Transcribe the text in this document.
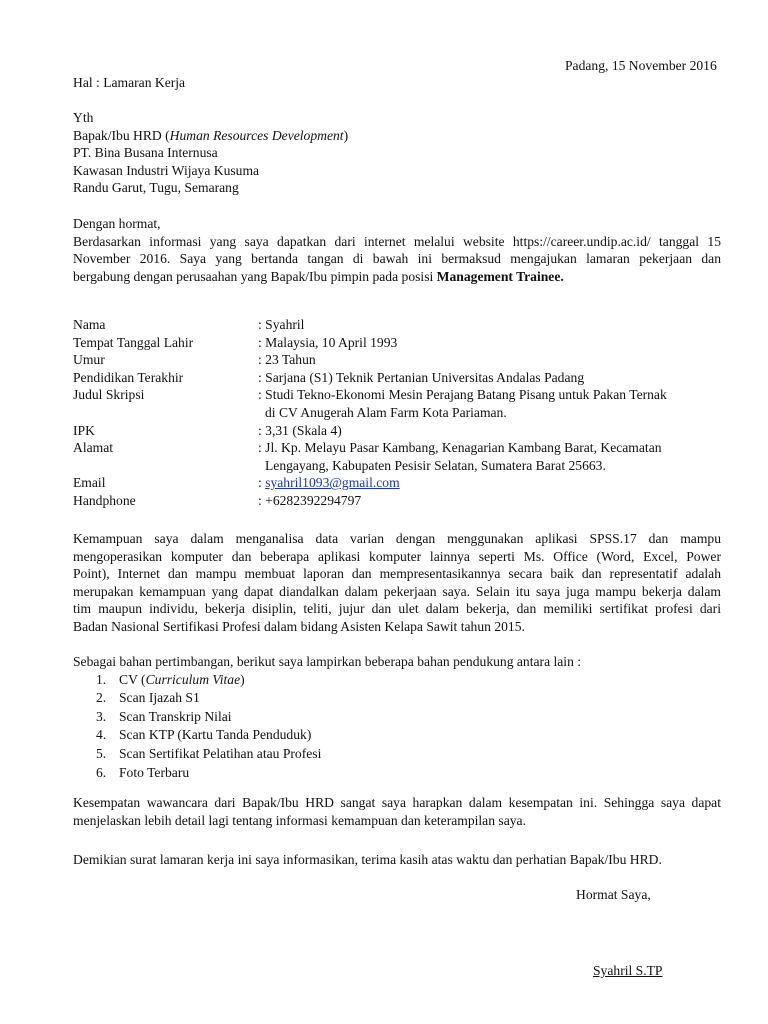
Padang, 15 November 2016
Hal : Lamaran Kerja
Yth
Bapak/Ibu HRD (Human Resources Development)
PT. Bina Busana Internusa
Kawasan Industri Wijaya Kusuma
Randu Garut, Tugu, Semarang
Dengan hormat,
Berdasarkan informasi yang saya dapatkan dari internet melalui website https://career.undip.ac.id/ tanggal 15
November 2016. Saya yang bertanda tangan di bawah ini bermaksud mengajukan lamaran pekerjaan dan
bergabung dengan perusaahan yang Bapak/Ibu pimpin pada posisi Management Trainee.
Nama	: Syahril
Tempat Tanggal Lahir	: Malaysia, 10 April 1993
Umur	: 23 Tahun
Pendidikan Terakhir	: Sarjana (S1) Teknik Pertanian Universitas Andalas Padang
Judul Skripsi	: Studi Tekno-Ekonomi Mesin Perajang Batang Pisang untuk Pakan Ternak
di CV Anugerah Alam Farm Kota Pariaman.
IPK	: 3,31 (Skala 4)
Alamat	: Jl. Kp. Melayu Pasar Kambang, Kenagarian Kambang Barat, Kecamatan
Lengayang, Kabupaten Pesisir Selatan, Sumatera Barat 25663.
Email	: syahril1093@gmail.com
Handphone	: +6282392294797
Kemampuan saya dalam menganalisa data varian dengan menggunakan aplikasi SPSS.17 dan mampu
mengoperasikan komputer dan beberapa aplikasi komputer lainnya seperti Ms. Office (Word, Excel, Power
Point), Internet dan mampu membuat laporan dan mempresentasikannya secara baik dan representatif adalah
merupakan kemampuan yang dapat diandalkan dalam pekerjaan saya. Selain itu saya juga mampu bekerja dalam
tim maupun individu, bekerja disiplin, teliti, jujur dan ulet dalam bekerja, dan memiliki sertifikat profesi dari
Badan Nasional Sertifikasi Profesi dalam bidang Asisten Kelapa Sawit tahun 2015.
Sebagai bahan pertimbangan, berikut saya lampirkan beberapa bahan pendukung antara lain :
1. CV (Curriculum Vitae)
2. Scan Ijazah S1
3. Scan Transkrip Nilai
4. Scan KTP (Kartu Tanda Penduduk)
5. Scan Sertifikat Pelatihan atau Profesi
6. Foto Terbaru
Kesempatan wawancara dari Bapak/Ibu HRD sangat saya harapkan dalam kesempatan ini. Sehingga saya dapat
menjelaskan lebih detail lagi tentang informasi kemampuan dan keterampilan saya.
Demikian surat lamaran kerja ini saya informasikan, terima kasih atas waktu dan perhatian Bapak/Ibu HRD.
Hormat Saya,
Syahril S.TP
